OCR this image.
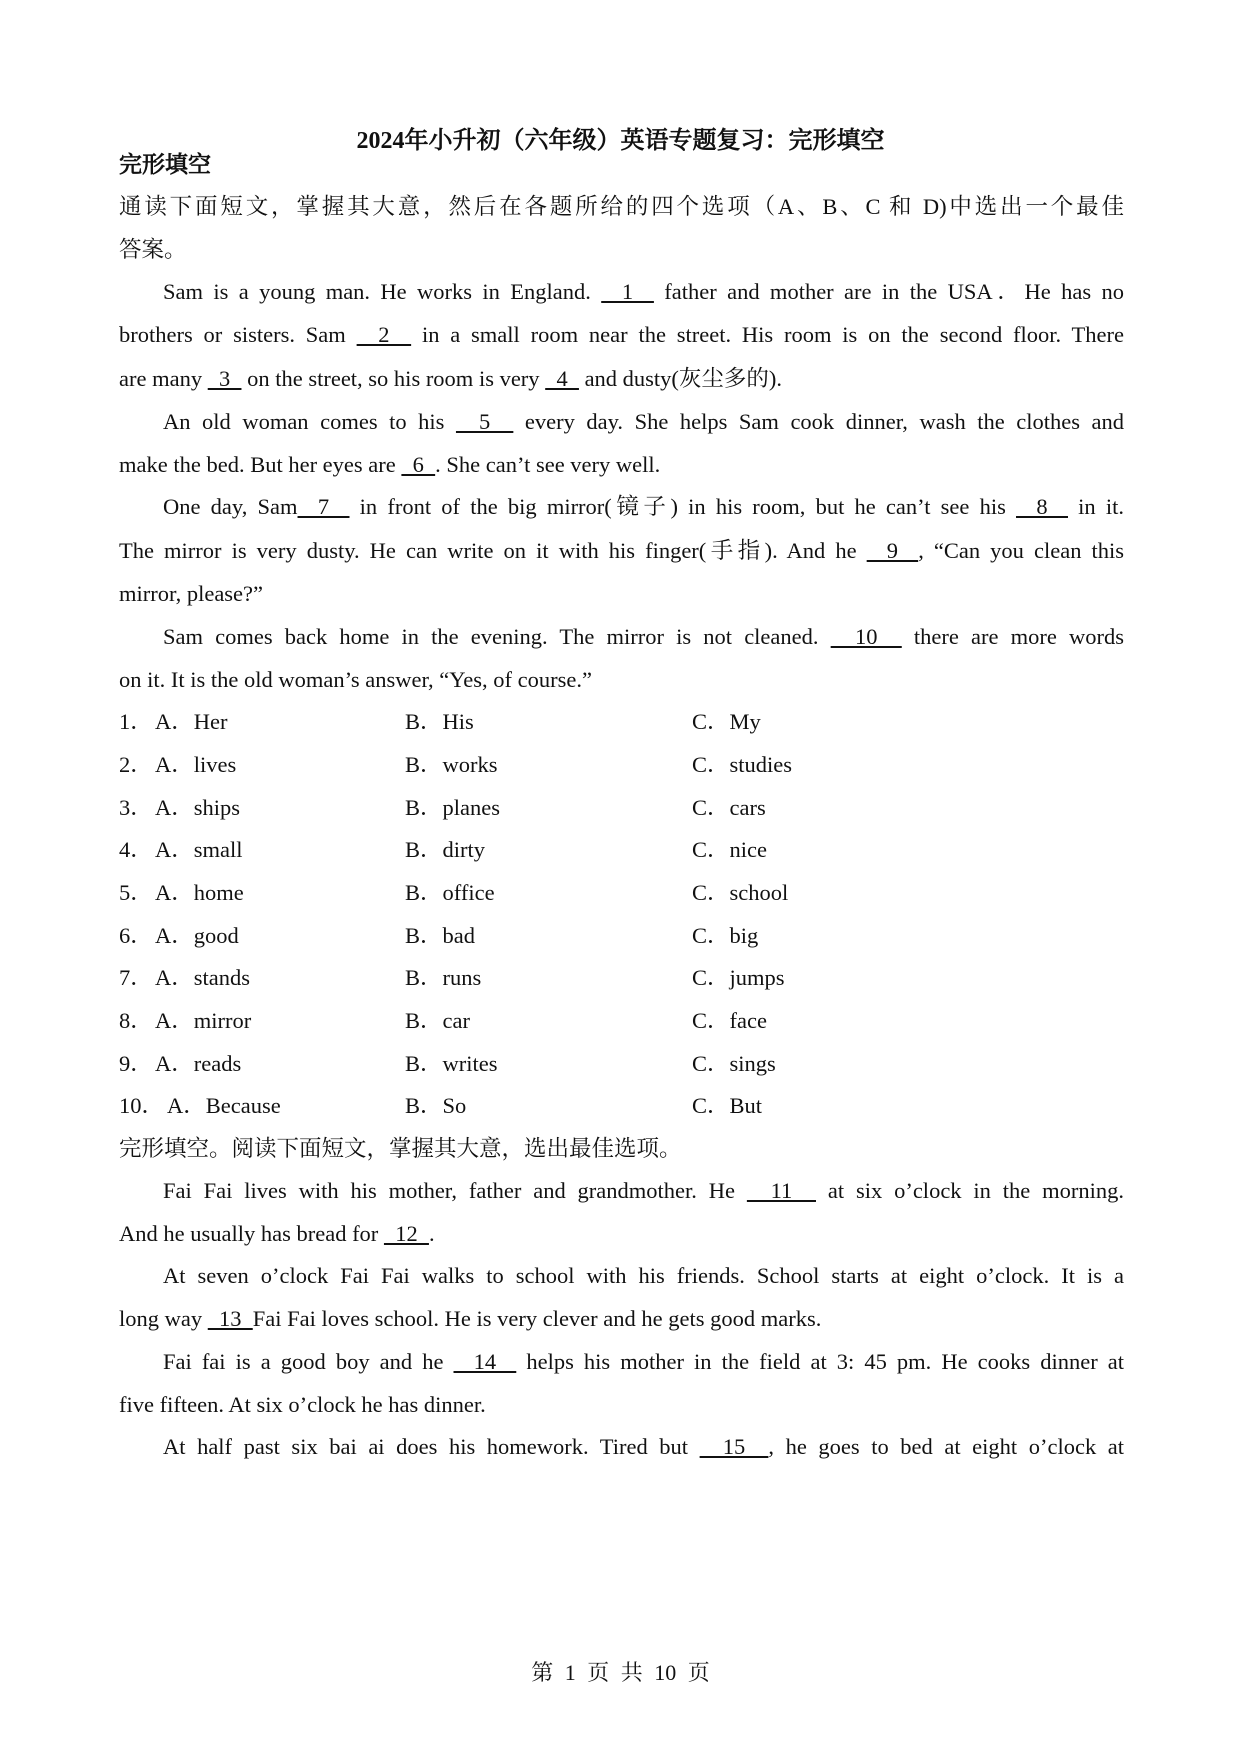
2024年小升初（六年级）英语专题复习：完形填空
完形填空
通读下面短文，掌握其大意，然后在各题所给的四个选项（A、B、C 和 D)中选出一个最佳
答案。
Sam is a young man. He works in England.   1   father and mother are in the USA．He has no
brothers or sisters. Sam   2   in a small room near the street. His room is on the second floor. There
are many   3   on the street, so his room is very   4   and dusty(灰尘多的).
An old woman comes to his   5   every day. She helps Sam cook dinner, wash the clothes and
make the bed. But her eyes are   6  . She can’t see very well.
One day, Sam  7   in front of the big mirror(镜子) in his room, but he can’t see his   8   in it.
The mirror is very dusty. He can write on it with his finger(手指). And he   9  , “Can you clean this
mirror, please?”
Sam comes back home in the evening. The mirror is not cleaned.   10   there are more words
on it. It is the old woman’s answer, “Yes, of course.”
1． A．Her	B．His	C．My
2． A．lives	B．works	C．studies
3． A．ships	B．planes	C．cars
4． A．small	B．dirty	C．nice
5． A．home	B．office	C．school
6． A．good	B．bad	C．big
7． A．stands	B．runs	C．jumps
8． A．mirror	B．car	C．face
9． A．reads	B．writes	C．sings
10． A．Because	B．So	C．But
完形填空。阅读下面短文，掌握其大意，选出最佳选项。
Fai Fai lives with his mother, father and grandmother. He   11   at six o’clock in the morning.
And he usually has bread for   12  .
At seven o’clock Fai Fai walks to school with his friends. School starts at eight o’clock. It is a
long way   13  Fai Fai loves school. He is very clever and he gets good marks.
Fai fai is a good boy and he   14   helps his mother in the field at 3: 45 pm. He cooks dinner at
five fifteen. At six o’clock he has dinner.
At half past six bai ai does his homework. Tired but   15  , he goes to bed at eight o’clock at
第 1 页 共 10 页
